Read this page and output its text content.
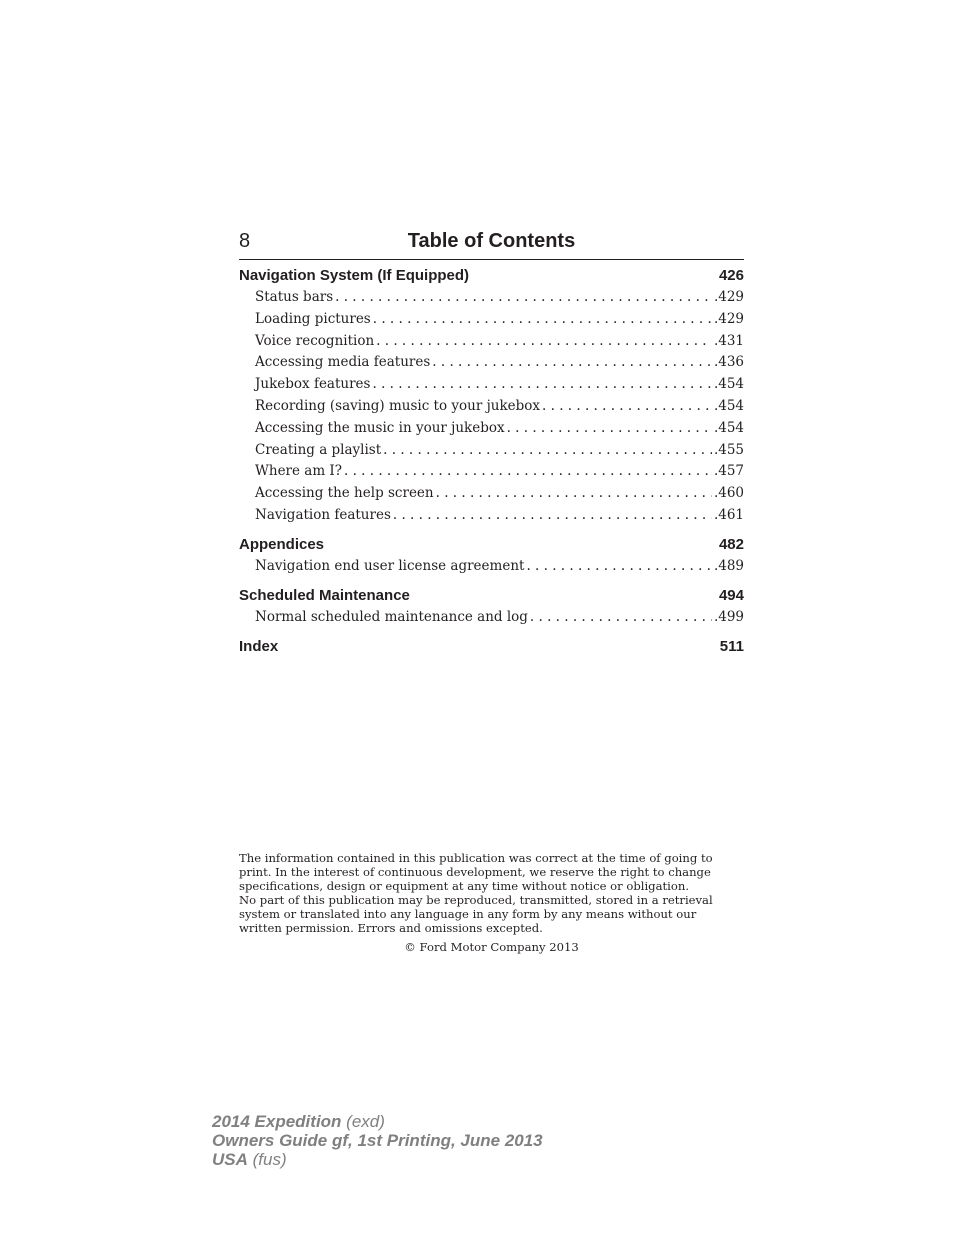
8	Table of Contents
Navigation System (If Equipped)	426
Status bars . . .	.429
Loading pictures . . .	.429
Voice recognition . . .	.431
Accessing media features . . .	.436
Jukebox features . . .	.454
Recording (saving) music to your jukebox . . .	.454
Accessing the music in your jukebox . . .	.454
Creating a playlist . . .	.455
Where am I? . . .	.457
Accessing the help screen . . .	.460
Navigation features . . .	.461
Appendices	482
Navigation end user license agreement . . .	.489
Scheduled Maintenance	494
Normal scheduled maintenance and log . . .	.499
Index	511

The information contained in this publication was correct at the time of going to

print. In the interest of continuous development, we reserve the right to change

specifications, design or equipment at any time without notice or obligation.

No part of this publication may be reproduced, transmitted, stored in a retrieval

system or translated into any language in any form by any means without our

written permission. Errors and omissions excepted.

© Ford Motor Company 2013
2014 Expedition (exd)
Owners Guide gf, 1st Printing, June 2013
USA (fus)
